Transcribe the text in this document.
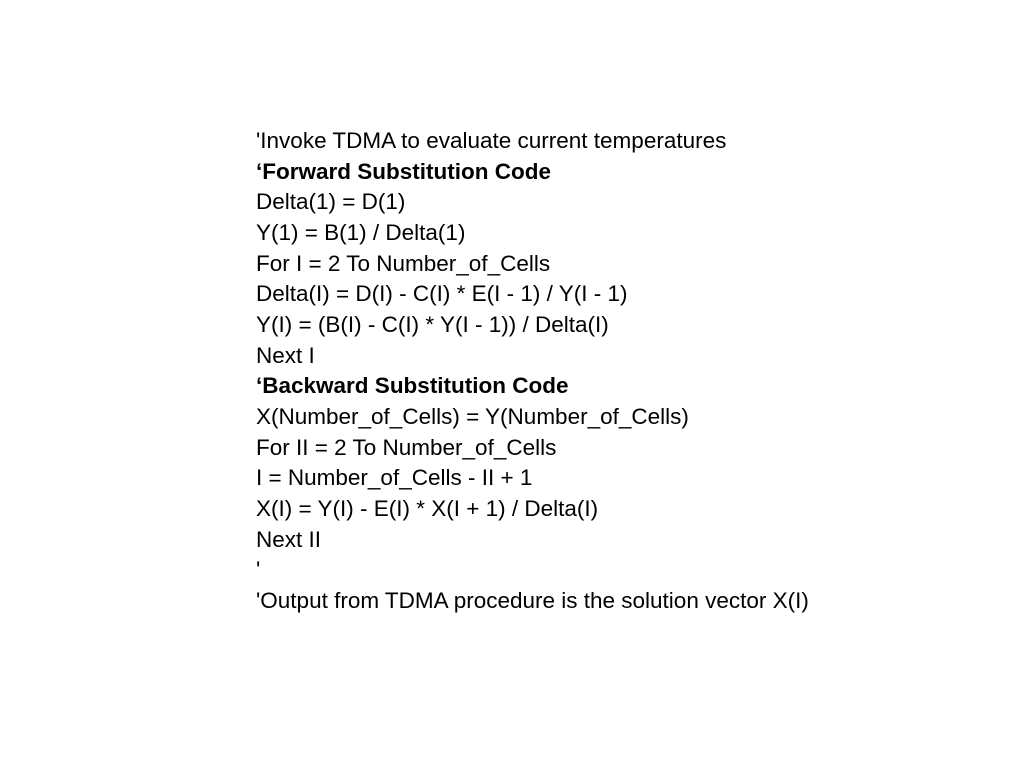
'Invoke TDMA to evaluate current temperatures
‘Forward Substitution Code
Delta(1) = D(1)
Y(1) = B(1) / Delta(1)
For I = 2 To Number_of_Cells
Delta(I) = D(I) - C(I) * E(I - 1) / Y(I - 1)
Y(I) = (B(I) - C(I) * Y(I - 1)) / Delta(I)
Next I
‘Backward Substitution Code
X(Number_of_Cells) = Y(Number_of_Cells)
For II = 2 To Number_of_Cells
I = Number_of_Cells - II + 1
X(I) = Y(I) - E(I) * X(I + 1) / Delta(I)
Next II
'
'Output from TDMA procedure is the solution vector X(I)
